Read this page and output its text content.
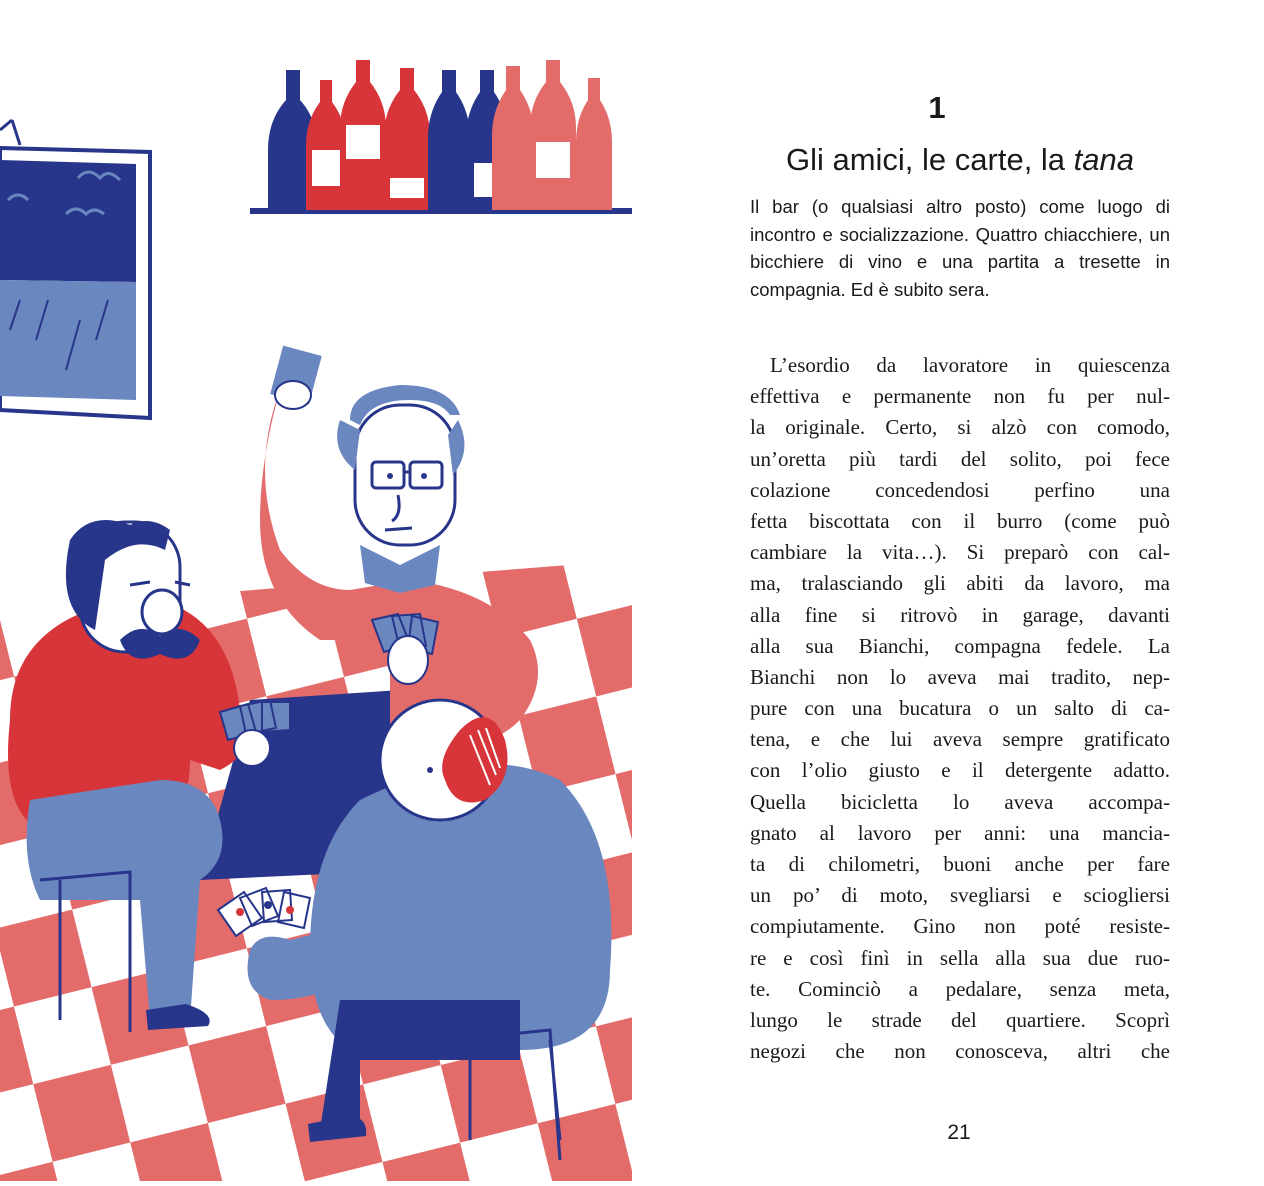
1
Gli amici, le carte, la tana
Il bar (o qualsiasi altro posto) come luogo di incontro e socializzazione. Quattro chiacchiere, un bicchiere di vino e una partita a tresette in compagnia. Ed è subito sera.
L’esordio da lavoratore in quiescenza
effettiva e permanente non fu per nul-
la originale. Certo, si alzò con comodo,
un’oretta più tardi del solito, poi fece
colazione concedendosi perfino una
fetta biscottata con il burro (come può
cambiare la vita…). Si preparò con cal-
ma, tralasciando gli abiti da lavoro, ma
alla fine si ritrovò in garage, davanti
alla sua Bianchi, compagna fedele. La
Bianchi non lo aveva mai tradito, nep-
pure con una bucatura o un salto di ca-
tena, e che lui aveva sempre gratificato
con l’olio giusto e il detergente adatto.
Quella bicicletta lo aveva accompa-
gnato al lavoro per anni: una mancia-
ta di chilometri, buoni anche per fare
un po’ di moto, svegliarsi e sciogliersi
compiutamente. Gino non poté resiste-
re e così finì in sella alla sua due ruo-
te. Cominciò a pedalare, senza meta,
lungo le strade del quartiere. Scoprì
negozi che non conosceva, altri che
21
